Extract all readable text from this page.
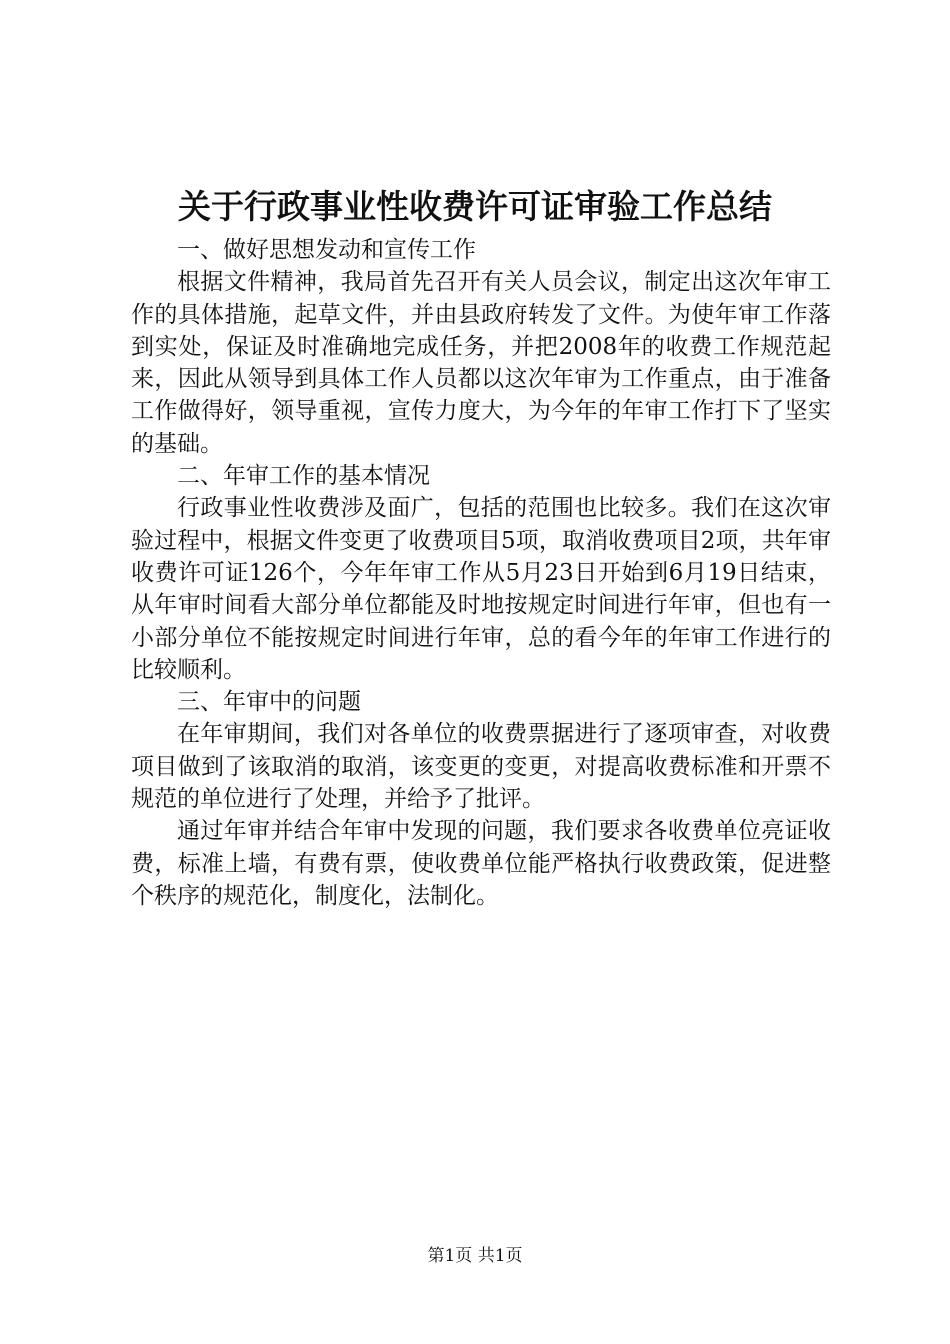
关于行政事业性收费许可证审验工作总结

一、做好思想发动和宣传工作

根据文件精神，我局首先召开有关人员会议，制定出这次年审工作的具体措施，起草文件，并由县政府转发了文件。为使年审工作落到实处，保证及时准确地完成任务，并把2008年的收费工作规范起来，因此从领导到具体工作人员都以这次年审为工作重点，由于准备工作做得好，领导重视，宣传力度大，为今年的年审工作打下了坚实的基础。

二、年审工作的基本情况

行政事业性收费涉及面广，包括的范围也比较多。我们在这次审验过程中，根据文件变更了收费项目5项，取消收费项目2项，共年审收费许可证126个，今年年审工作从5月23日开始到6月19日结束，从年审时间看大部分单位都能及时地按规定时间进行年审，但也有一小部分单位不能按规定时间进行年审，总的看今年的年审工作进行的比较顺利。

三、年审中的问题

在年审期间，我们对各单位的收费票据进行了逐项审查，对收费项目做到了该取消的取消，该变更的变更，对提高收费标准和开票不规范的单位进行了处理，并给予了批评。

通过年审并结合年审中发现的问题，我们要求各收费单位亮证收费，标准上墙，有费有票，使收费单位能严格执行收费政策，促进整个秩序的规范化，制度化，法制化。

第1页 共1页
